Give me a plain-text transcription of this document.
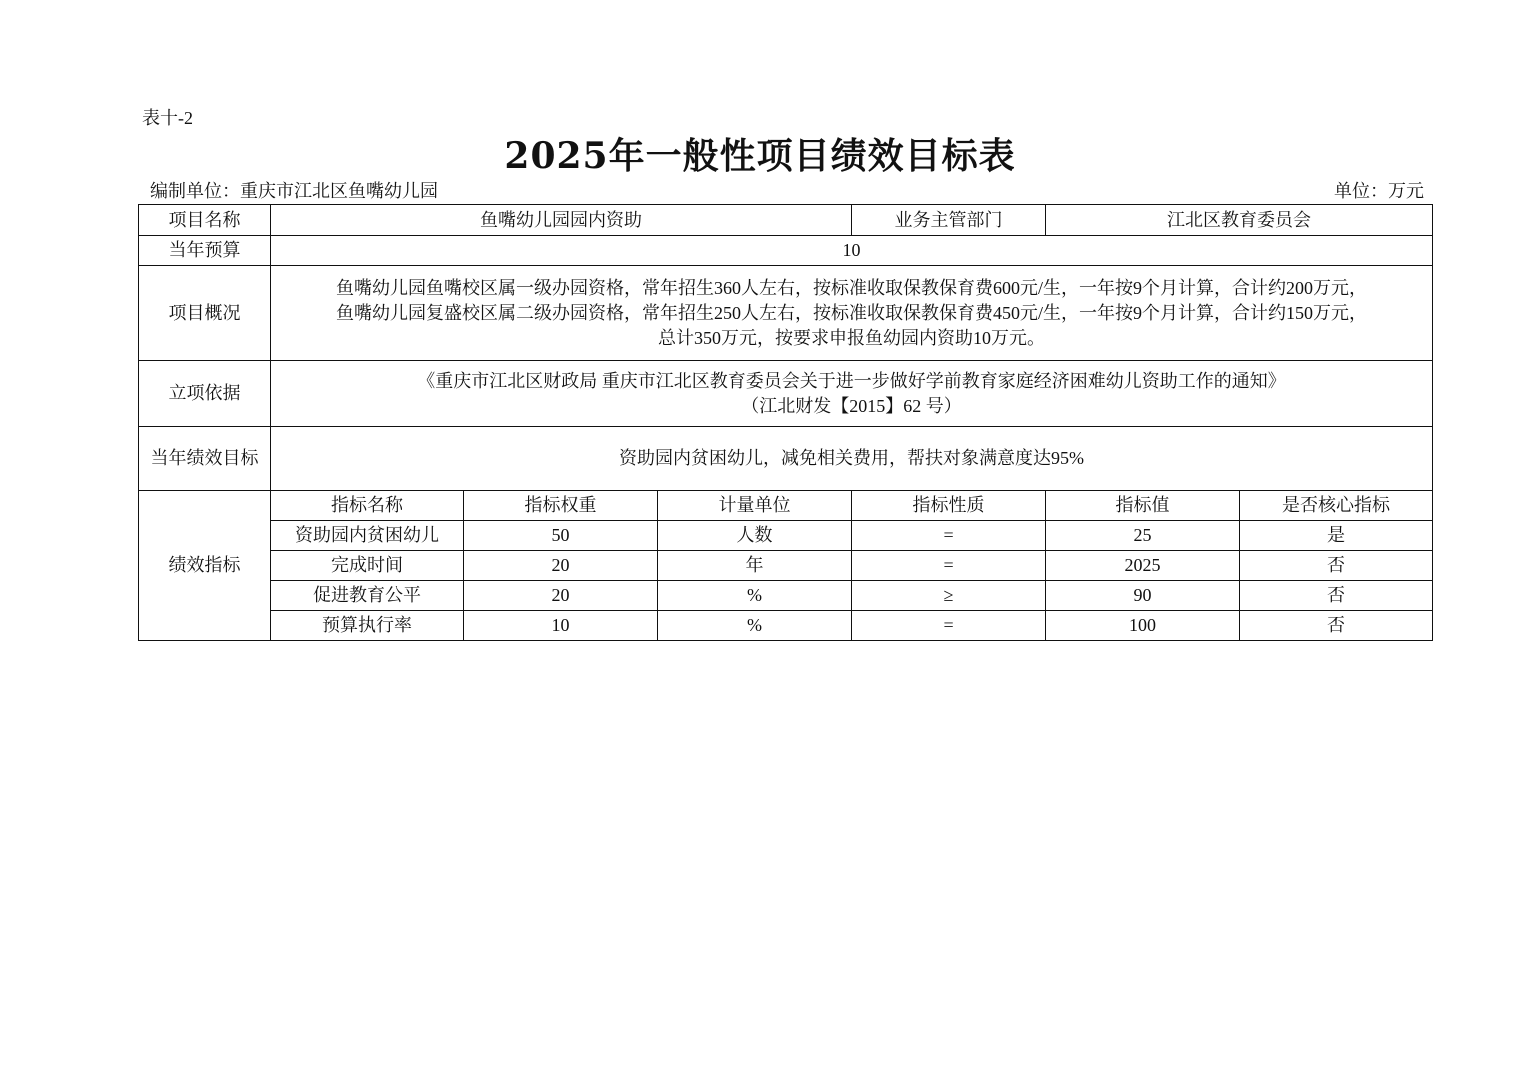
表十-2
2025年一般性项目绩效目标表
编制单位：重庆市江北区鱼嘴幼儿园	单位：万元
项目名称	鱼嘴幼儿园园内资助			业务主管部门	江北区教育委员会	
当年预算	10					
项目概况	鱼嘴幼儿园鱼嘴校区属一级办园资格，常年招生360人左右，按标准收取保教保育费600元/生，一年按9个月计算，合计约200万元，
鱼嘴幼儿园复盛校区属二级办园资格，常年招生250人左右，按标准收取保教保育费450元/生，一年按9个月计算，合计约150万元，
总计350万元，按要求申报鱼幼园内资助10万元。					

立项依据	《重庆市江北区财政局 重庆市江北区教育委员会关于进一步做好学前教育家庭经济困难幼儿资助工作的通知》
（江北财发【2015】62 号）					

当年绩效目标	资助园内贫困幼儿，减免相关费用，帮扶对象满意度达95%					
绩效指标	指标名称	指标权重	计量单位	指标性质	指标值	是否核心指标
	资助园内贫困幼儿	50	人数	=	25	是
	完成时间	20	年	=	2025	否
	促进教育公平	20	%	≥	90	否
	预算执行率	10	%	=	100	否
